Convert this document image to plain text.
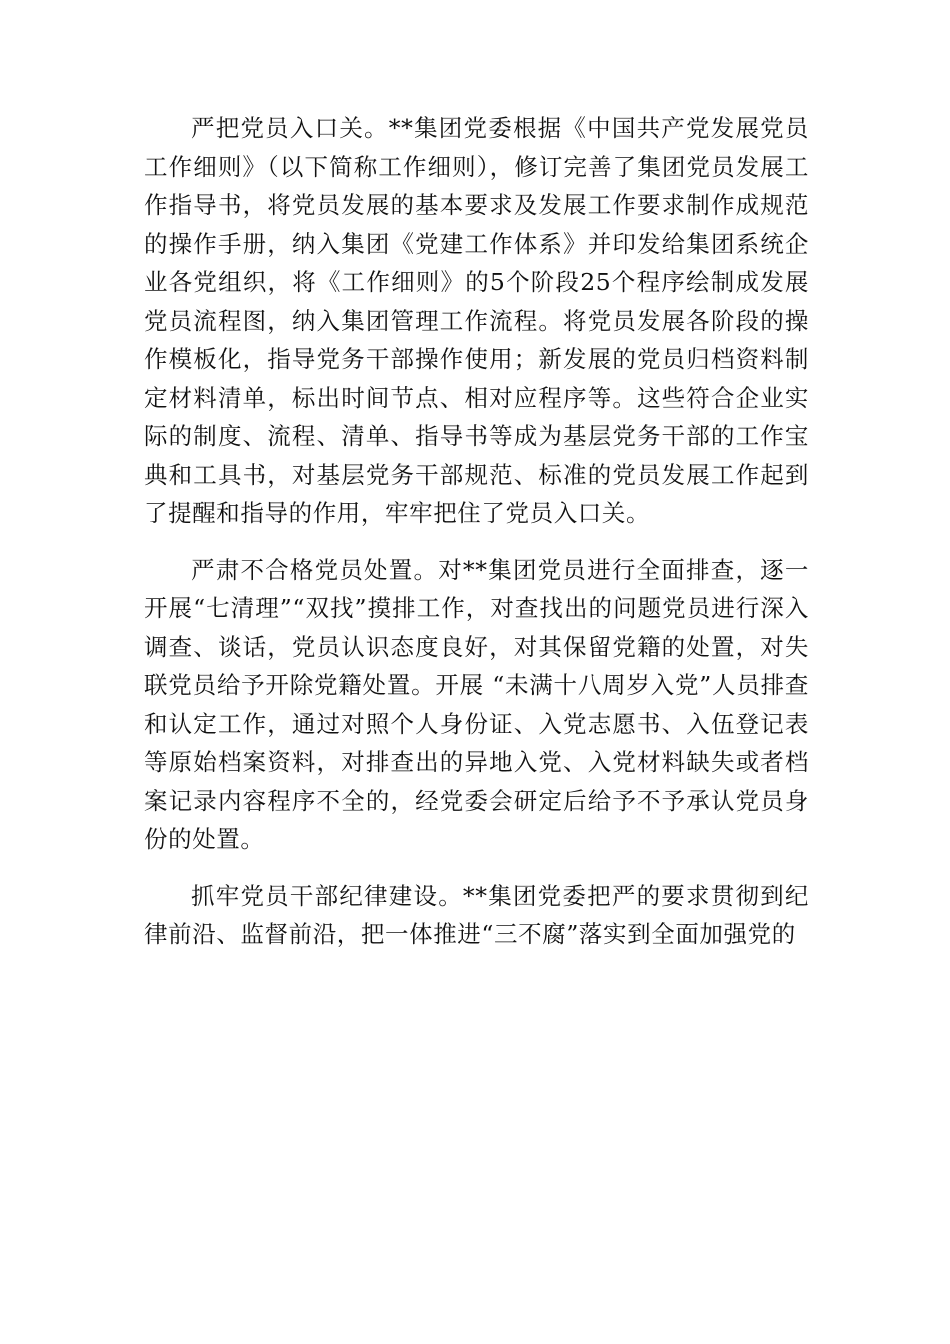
严把党员入口关。**集团党委根据《中国共产党发展党员工作细则》（以下简称工作细则），修订完善了集团党员发展工作指导书，将党员发展的基本要求及发展工作要求制作成规范的操作手册，纳入集团《党建工作体系》并印发给集团系统企业各党组织，将《工作细则》的5个阶段25个程序绘制成发展党员流程图，纳入集团管理工作流程。将党员发展各阶段的操作模板化，指导党务干部操作使用；新发展的党员归档资料制定材料清单，标出时间节点、相对应程序等。这些符合企业实际的制度、流程、清单、指导书等成为基层党务干部的工作宝典和工具书，对基层党务干部规范、标准的党员发展工作起到了提醒和指导的作用，牢牢把住了党员入口关。

严肃不合格党员处置。对**集团党员进行全面排查，逐一开展“七清理”“双找”摸排工作，对查找出的问题党员进行深入调查、谈话，党员认识态度良好，对其保留党籍的处置，对失联党员给予开除党籍处置。开展 “未满十八周岁入党”人员排查和认定工作，通过对照个人身份证、入党志愿书、入伍登记表等原始档案资料，对排查出的异地入党、入党材料缺失或者档案记录内容程序不全的，经党委会研定后给予不予承认党员身份的处置。

抓牢党员干部纪律建设。**集团党委把严的要求贯彻到纪律前沿、监督前沿，把一体推进“三不腐”落实到全面加强党的
